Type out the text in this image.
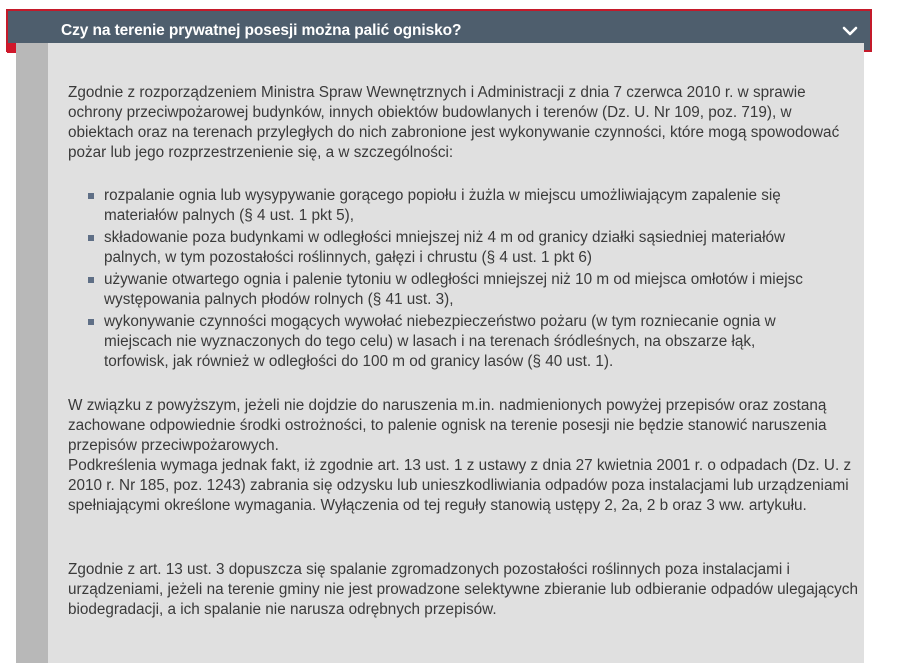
Czy na terenie prywatnej posesji można palić ognisko?

Zgodnie z rozporządzeniem Ministra Spraw Wewnętrznych i Administracji z dnia 7 czerwca 2010 r. w sprawie ochrony przeciwpożarowej budynków, innych obiektów budowlanych i terenów (Dz. U. Nr 109, poz. 719), w obiektach oraz na terenach przyległych do nich zabronione jest wykonywanie czynności, które mogą spowodować pożar lub jego rozprzestrzenienie się, a w szczególności:

rozpalanie ognia lub wysypywanie gorącego popiołu i żużla w miejscu umożliwiającym zapalenie się materiałów palnych (§ 4 ust. 1 pkt 5),
składowanie poza budynkami w odległości mniejszej niż 4 m od granicy działki sąsiedniej materiałów palnych, w tym pozostałości roślinnych, gałęzi i chrustu (§ 4 ust. 1 pkt 6)
używanie otwartego ognia i palenie tytoniu w odległości mniejszej niż 10 m od miejsca omłotów i miejsc występowania palnych płodów rolnych (§ 41 ust. 3),
wykonywanie czynności mogących wywołać niebezpieczeństwo pożaru (w tym rozniecanie ognia w miejscach nie wyznaczonych do tego celu) w lasach i na terenach śródleśnych, na obszarze łąk, torfowisk, jak również w odległości do 100 m od granicy lasów (§ 40 ust. 1).

W związku z powyższym, jeżeli nie dojdzie do naruszenia m.in. nadmienionych powyżej przepisów oraz zostaną zachowane odpowiednie środki ostrożności, to palenie ognisk na terenie posesji nie będzie stanowić naruszenia przepisów przeciwpożarowych.

Podkreślenia wymaga jednak fakt, iż zgodnie art. 13 ust. 1 z ustawy z dnia 27 kwietnia 2001 r. o odpadach (Dz. U. z 2010 r. Nr 185, poz. 1243) zabrania się odzysku lub unieszkodliwiania odpadów poza instalacjami lub urządzeniami spełniającymi określone wymagania. Wyłączenia od tej reguły stanowią ustępy 2, 2a, 2 b oraz 3 ww. artykułu.

Zgodnie z art. 13 ust. 3 dopuszcza się spalanie zgromadzonych pozostałości roślinnych poza instalacjami i urządzeniami, jeżeli na terenie gminy nie jest prowadzone selektywne zbieranie lub odbieranie odpadów ulegających biodegradacji, a ich spalanie nie narusza odrębnych przepisów.
